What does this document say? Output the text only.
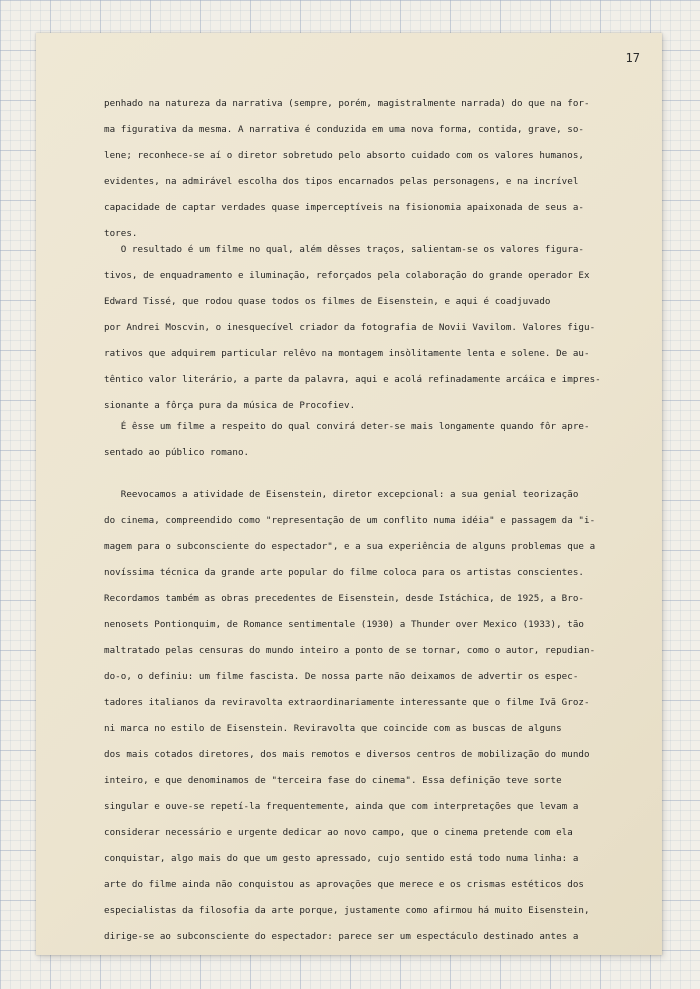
17
penhado na natureza da narrativa (sempre, porém, magistralmente narrada) do que na for-
ma figurativa da mesma. A narrativa é conduzida em uma nova forma, contida, grave, so-
lene; reconhece-se aí o diretor sobretudo pelo absorto cuidado com os valores humanos,
evidentes, na admirável escolha dos tipos encarnados pelas personagens, e na incrível
capacidade de captar verdades quase imperceptíveis na fisionomia apaixonada de seus a-
tores.
O resultado é um filme no qual, além dêsses traços, salientam-se os valores figura-
tivos, de enquadramento e iluminação, reforçados pela colaboração do grande operador Ex
Edward Tissé, que rodou quase todos os filmes de Eisenstein, e aqui é coadjuvado
por Andrei Moscvin, o inesquecível criador da fotografia de Novii Vavilom. Valores figu-
rativos que adquirem particular relêvo na montagem insòlitamente lenta e solene. De au-
têntico valor literário, a parte da palavra, aqui e acolá refinadamente arcáica e impres-
sionante a fôrça pura da música de Procofiev.
É êsse um filme a respeito do qual convirá deter-se mais longamente quando fôr apre-
sentado ao público romano.
Reevocamos a atividade de Eisenstein, diretor excepcional: a sua genial teorização
do cinema, compreendido como "representação de um conflito numa idéia" e passagem da "i-
magem para o subconsciente do espectador", e a sua experiência de alguns problemas que a
novíssima técnica da grande arte popular do filme coloca para os artistas conscientes.
Recordamos também as obras precedentes de Eisenstein, desde Istáchica, de 1925, a Bro-
nenosets Pontionquim, de Romance sentimentale (1930) a Thunder over Mexico (1933), tão
maltratado pelas censuras do mundo inteiro a ponto de se tornar, como o autor, repudian-
do-o, o definiu: um filme fascista. De nossa parte não deixamos de advertir os espec-
tadores italianos da reviravolta extraordinariamente interessante que o filme Ivã Groz-
ni marca no estilo de Eisenstein. Reviravolta que coincide com as buscas de alguns
dos mais cotados diretores, dos mais remotos e diversos centros de mobilização do mundo
inteiro, e que denominamos de "terceira fase do cinema". Essa definição teve sorte
singular e ouve-se repetí-la frequentemente, ainda que com interpretações que levam a
considerar necessário e urgente dedicar ao novo campo, que o cinema pretende com ela
conquistar, algo mais do que um gesto apressado, cujo sentido está todo numa linha: a
arte do filme ainda não conquistou as aprovações que merece e os crismas estéticos dos
especialistas da filosofia da arte porque, justamente como afirmou há muito Eisenstein,
dirige-se ao subconsciente do espectador: parece ser um espectáculo destinado antes a
